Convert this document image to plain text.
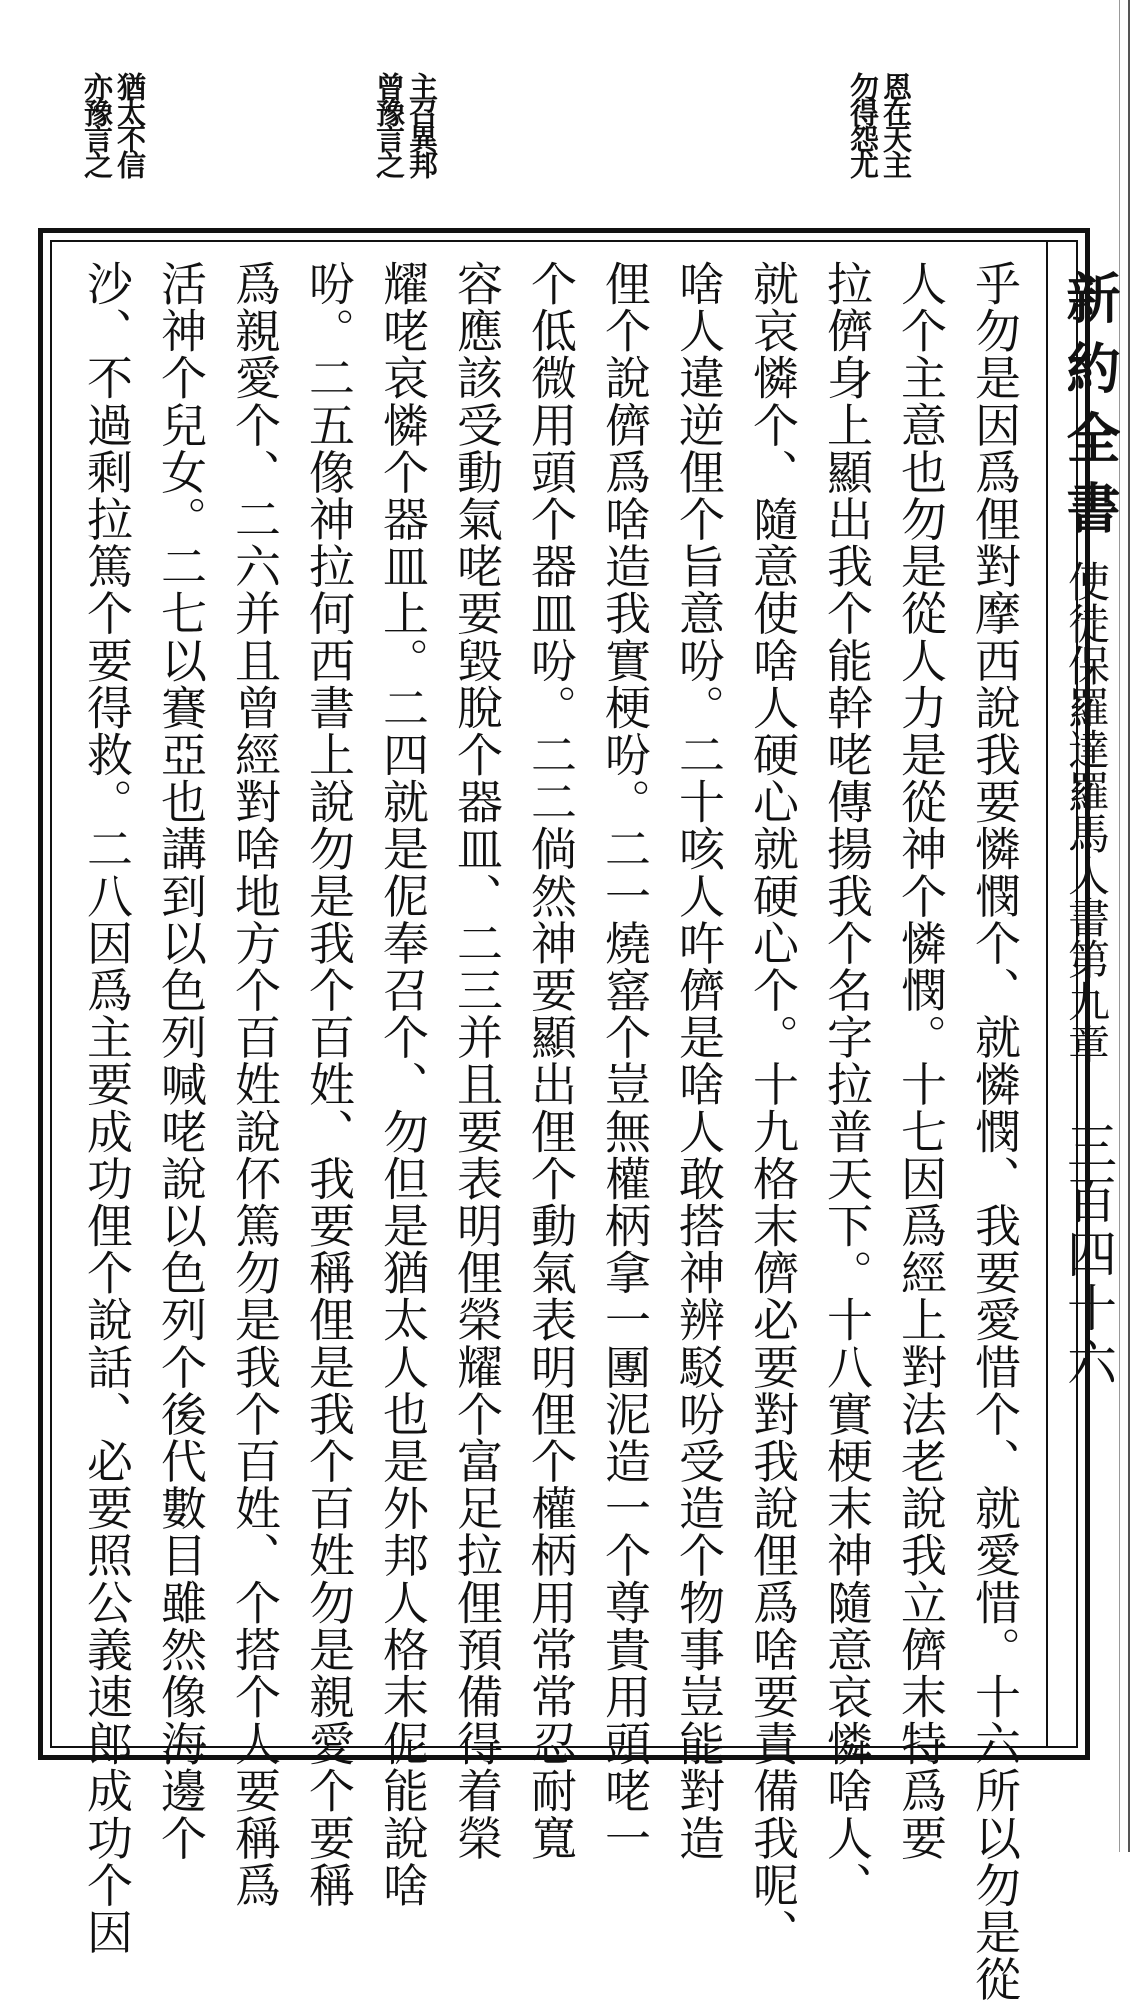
恩在天主
勿得怨尤
主召異邦
曾豫言之
猶太不信
亦豫言之
新約全書
使徒保羅達羅馬人書第九章
三百四十六
乎勿是因爲俚對摩西說我要憐憫个、就憐憫、我要愛惜个、就愛惜。十六所以勿是從
人个主意也勿是從人力是從神个憐憫。十七因爲經上對法老說我立儕末特爲要
拉儕身上顯出我个能幹咾傳揚我个名字拉普天下。十八實梗末神隨意哀憐啥人、
就哀憐个、隨意使啥人硬心就硬心个。十九格末儕必要對我說俚爲啥要責備我呢、
啥人違逆俚个旨意吩。二十咳人吘儕是啥人敢搭神辨駁吩受造个物事豈能對造
俚个說儕爲啥造我實梗吩。二一燒窰个豈無權柄拿一團泥造一个尊貴用頭咾一
个低微用頭个器皿吩。二二倘然神要顯出俚个動氣表明俚个權柄用常常忍耐寬
容應該受動氣咾要毀脫个器皿、二三并且要表明俚榮耀个富足拉俚預備得着榮
耀咾哀憐个器皿上。二四就是伲奉召个、勿但是猶太人也是外邦人格末伲能說啥
吩。二五像神拉何西書上說勿是我个百姓、我要稱俚是我个百姓勿是親愛个要稱
爲親愛个、二六并且曾經對啥地方个百姓說伓篤勿是我个百姓、个搭个人要稱爲
活神个兒女。二七以賽亞也講到以色列喊咾說以色列个後代數目雖然像海邊个
沙、不過剩拉篤个要得救。二八因爲主要成功俚个說話、必要照公義速郎成功个因
